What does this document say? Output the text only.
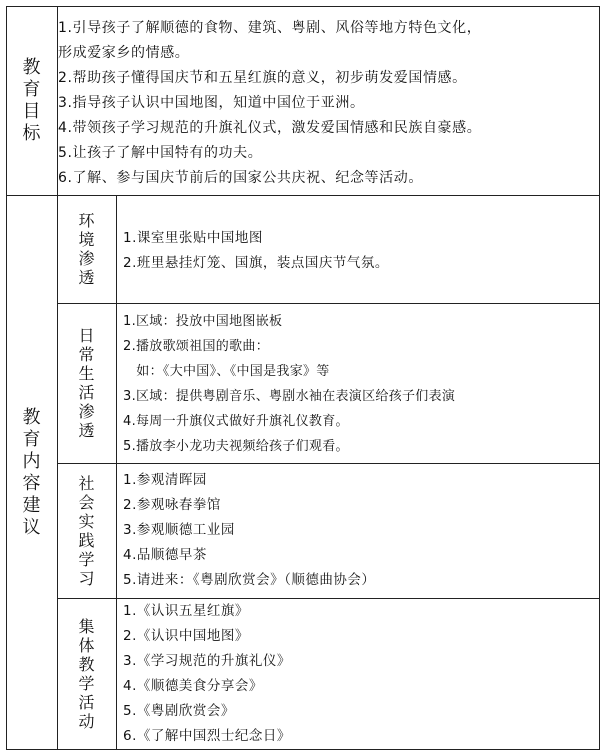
教
育
目
标
1.引导孩子了解顺德的食物、建筑、粤剧、风俗等地方特色文化，
形成爱家乡的情感。
2.帮助孩子懂得国庆节和五星红旗的意义，初步萌发爱国情感。
3.指导孩子认识中国地图，知道中国位于亚洲。
4.带领孩子学习规范的升旗礼仪式，激发爱国情感和民族自豪感。
5.让孩子了解中国特有的功夫。
6.了解、参与国庆节前后的国家公共庆祝、纪念等活动。
教
育
内
容
建
议
环
境
渗
透
1.课室里张贴中国地图
2.班里悬挂灯笼、国旗，装点国庆节气氛。
日
常
生
活
渗
透
1.区域：投放中国地图嵌板
2.播放歌颂祖国的歌曲：
如：《大中国》、《中国是我家》等
3.区域：提供粤剧音乐、粤剧水袖在表演区给孩子们表演
4.每周一升旗仪式做好升旗礼仪教育。
5.播放李小龙功夫视频给孩子们观看。
社
会
实
践
学
习
1.参观清晖园
2.参观咏春拳馆
3.参观顺德工业园
4.品顺德早茶
5.请进来：《粤剧欣赏会》（顺德曲协会）
集
体
教
学
活
动
1.《认识五星红旗》
2.《认识中国地图》
3.《学习规范的升旗礼仪》
4.《顺德美食分享会》
5.《粤剧欣赏会》
6.《了解中国烈士纪念日》
